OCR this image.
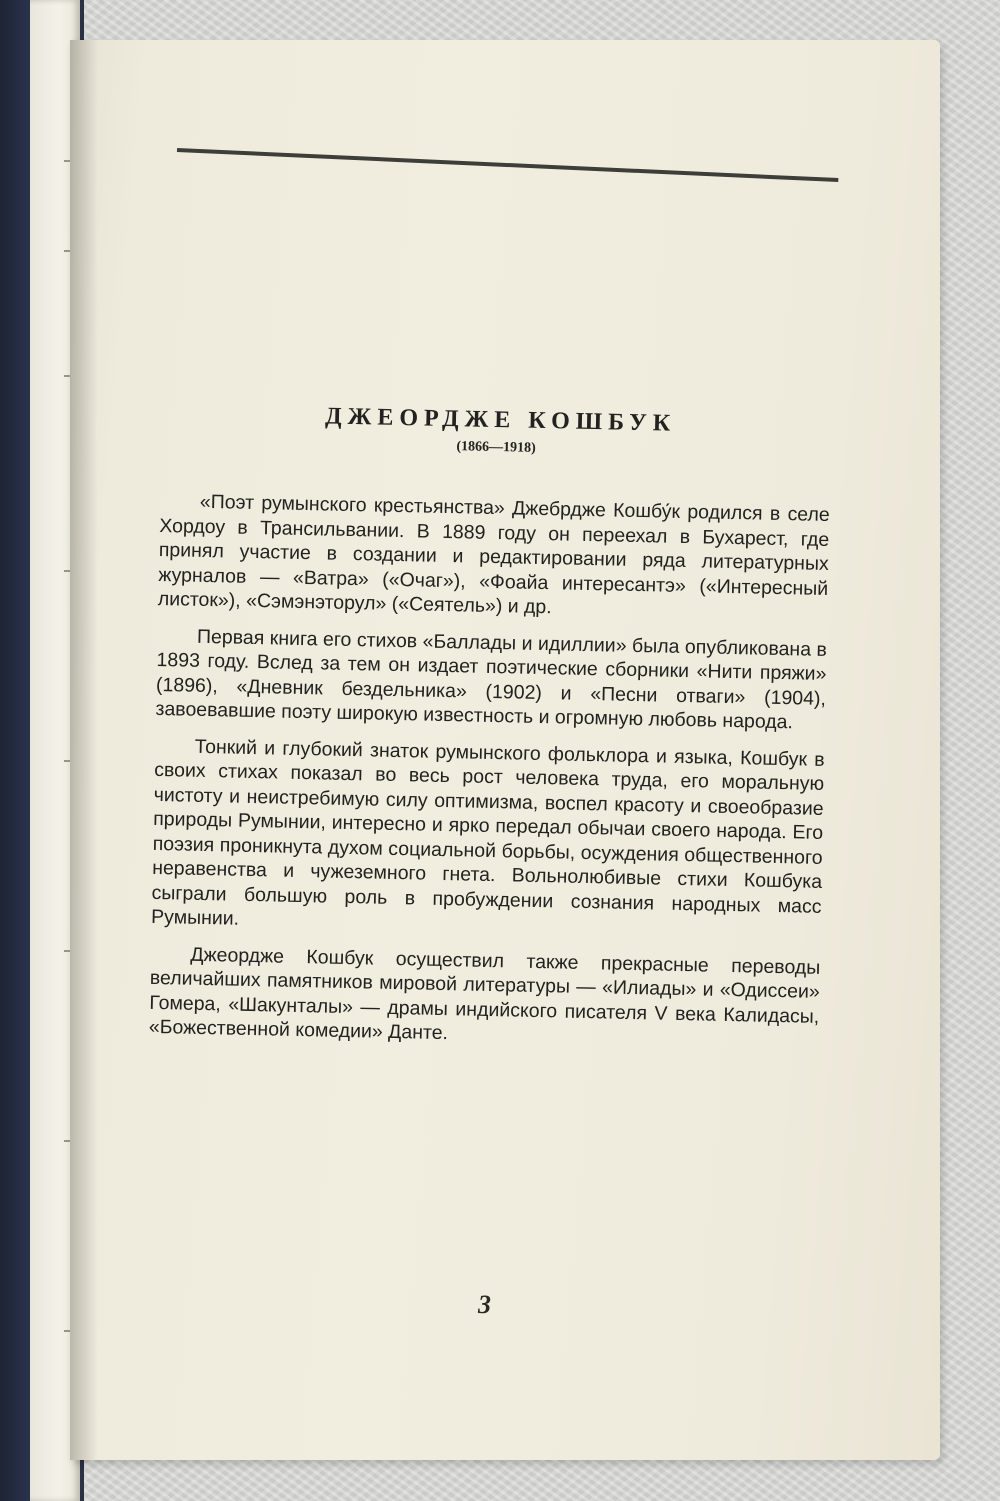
ДЖЕОРДЖЕ КОШБУК
(1866—1918)

«Поэт румынского крестьянства» Джебрдже Кошбу́к родился в селе Хордоу в Трансильвании. В 1889 году он переехал в Бухарест, где принял участие в создании и редактировании ряда литературных журналов — «Ватра» («Очаг»), «Фоайа интересантэ» («Интересный листок»), «Сэмэнэторул» («Сеятель») и др.

Первая книга его стихов «Баллады и идиллии» была опубликована в 1893 году. Вслед за тем он издает поэтические сборники «Нити пряжи» (1896), «Дневник бездельника» (1902) и «Песни отваги» (1904), завоевавшие поэту широкую известность и огромную любовь народа.

Тонкий и глубокий знаток румынского фольклора и языка, Кошбук в своих стихах показал во весь рост человека труда, его моральную чистоту и неистребимую силу оптимизма, воспел красоту и своеобразие природы Румынии, интересно и ярко передал обычаи своего народа. Его поэзия проникнута духом социальной борьбы, осуждения общественного неравенства и чужеземного гнета. Вольнолюбивые стихи Кошбука сыграли большую роль в пробуждении сознания народных масс Румынии.

Джеордже Кошбук осуществил также прекрасные переводы величайших памятников мировой литературы — «Илиады» и «Одиссеи» Гомера, «Шакунталы» — драмы индийского писателя V века Калидасы, «Божественной комедии» Данте.

3
